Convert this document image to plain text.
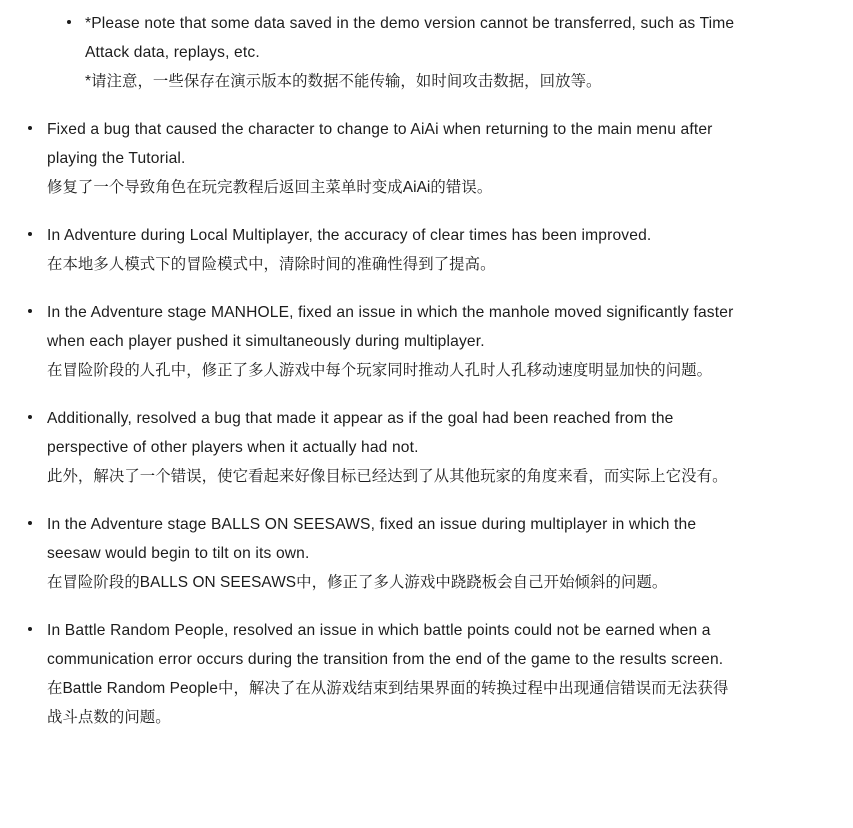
*Please note that some data saved in the demo version cannot be transferred, such as Time Attack data, replays, etc.

*请注意，一些保存在演示版本的数据不能传输，如时间攻击数据，回放等。

Fixed a bug that caused the character to change to AiAi when returning to the main menu after playing the Tutorial.

修复了一个导致角色在玩完教程后返回主菜单时变成AiAi的错误。

In Adventure during Local Multiplayer, the accuracy of clear times has been improved.

在本地多人模式下的冒险模式中，清除时间的准确性得到了提高。

In the Adventure stage MANHOLE, fixed an issue in which the manhole moved significantly faster when each player pushed it simultaneously during multiplayer.

在冒险阶段的人孔中，修正了多人游戏中每个玩家同时推动人孔时人孔移动速度明显加快的问题。

Additionally, resolved a bug that made it appear as if the goal had been reached from the perspective of other players when it actually had not.

此外，解决了一个错误，使它看起来好像目标已经达到了从其他玩家的角度来看，而实际上它没有。

In the Adventure stage BALLS ON SEESAWS, fixed an issue during multiplayer in which the seesaw would begin to tilt on its own.

在冒险阶段的BALLS ON SEESAWS中，修正了多人游戏中跷跷板会自己开始倾斜的问题。

In Battle Random People, resolved an issue in which battle points could not be earned when a communication error occurs during the transition from the end of the game to the results screen.

在Battle Random People中，解决了在从游戏结束到结果界面的转换过程中出现通信错误而无法获得战斗点数的问题。
